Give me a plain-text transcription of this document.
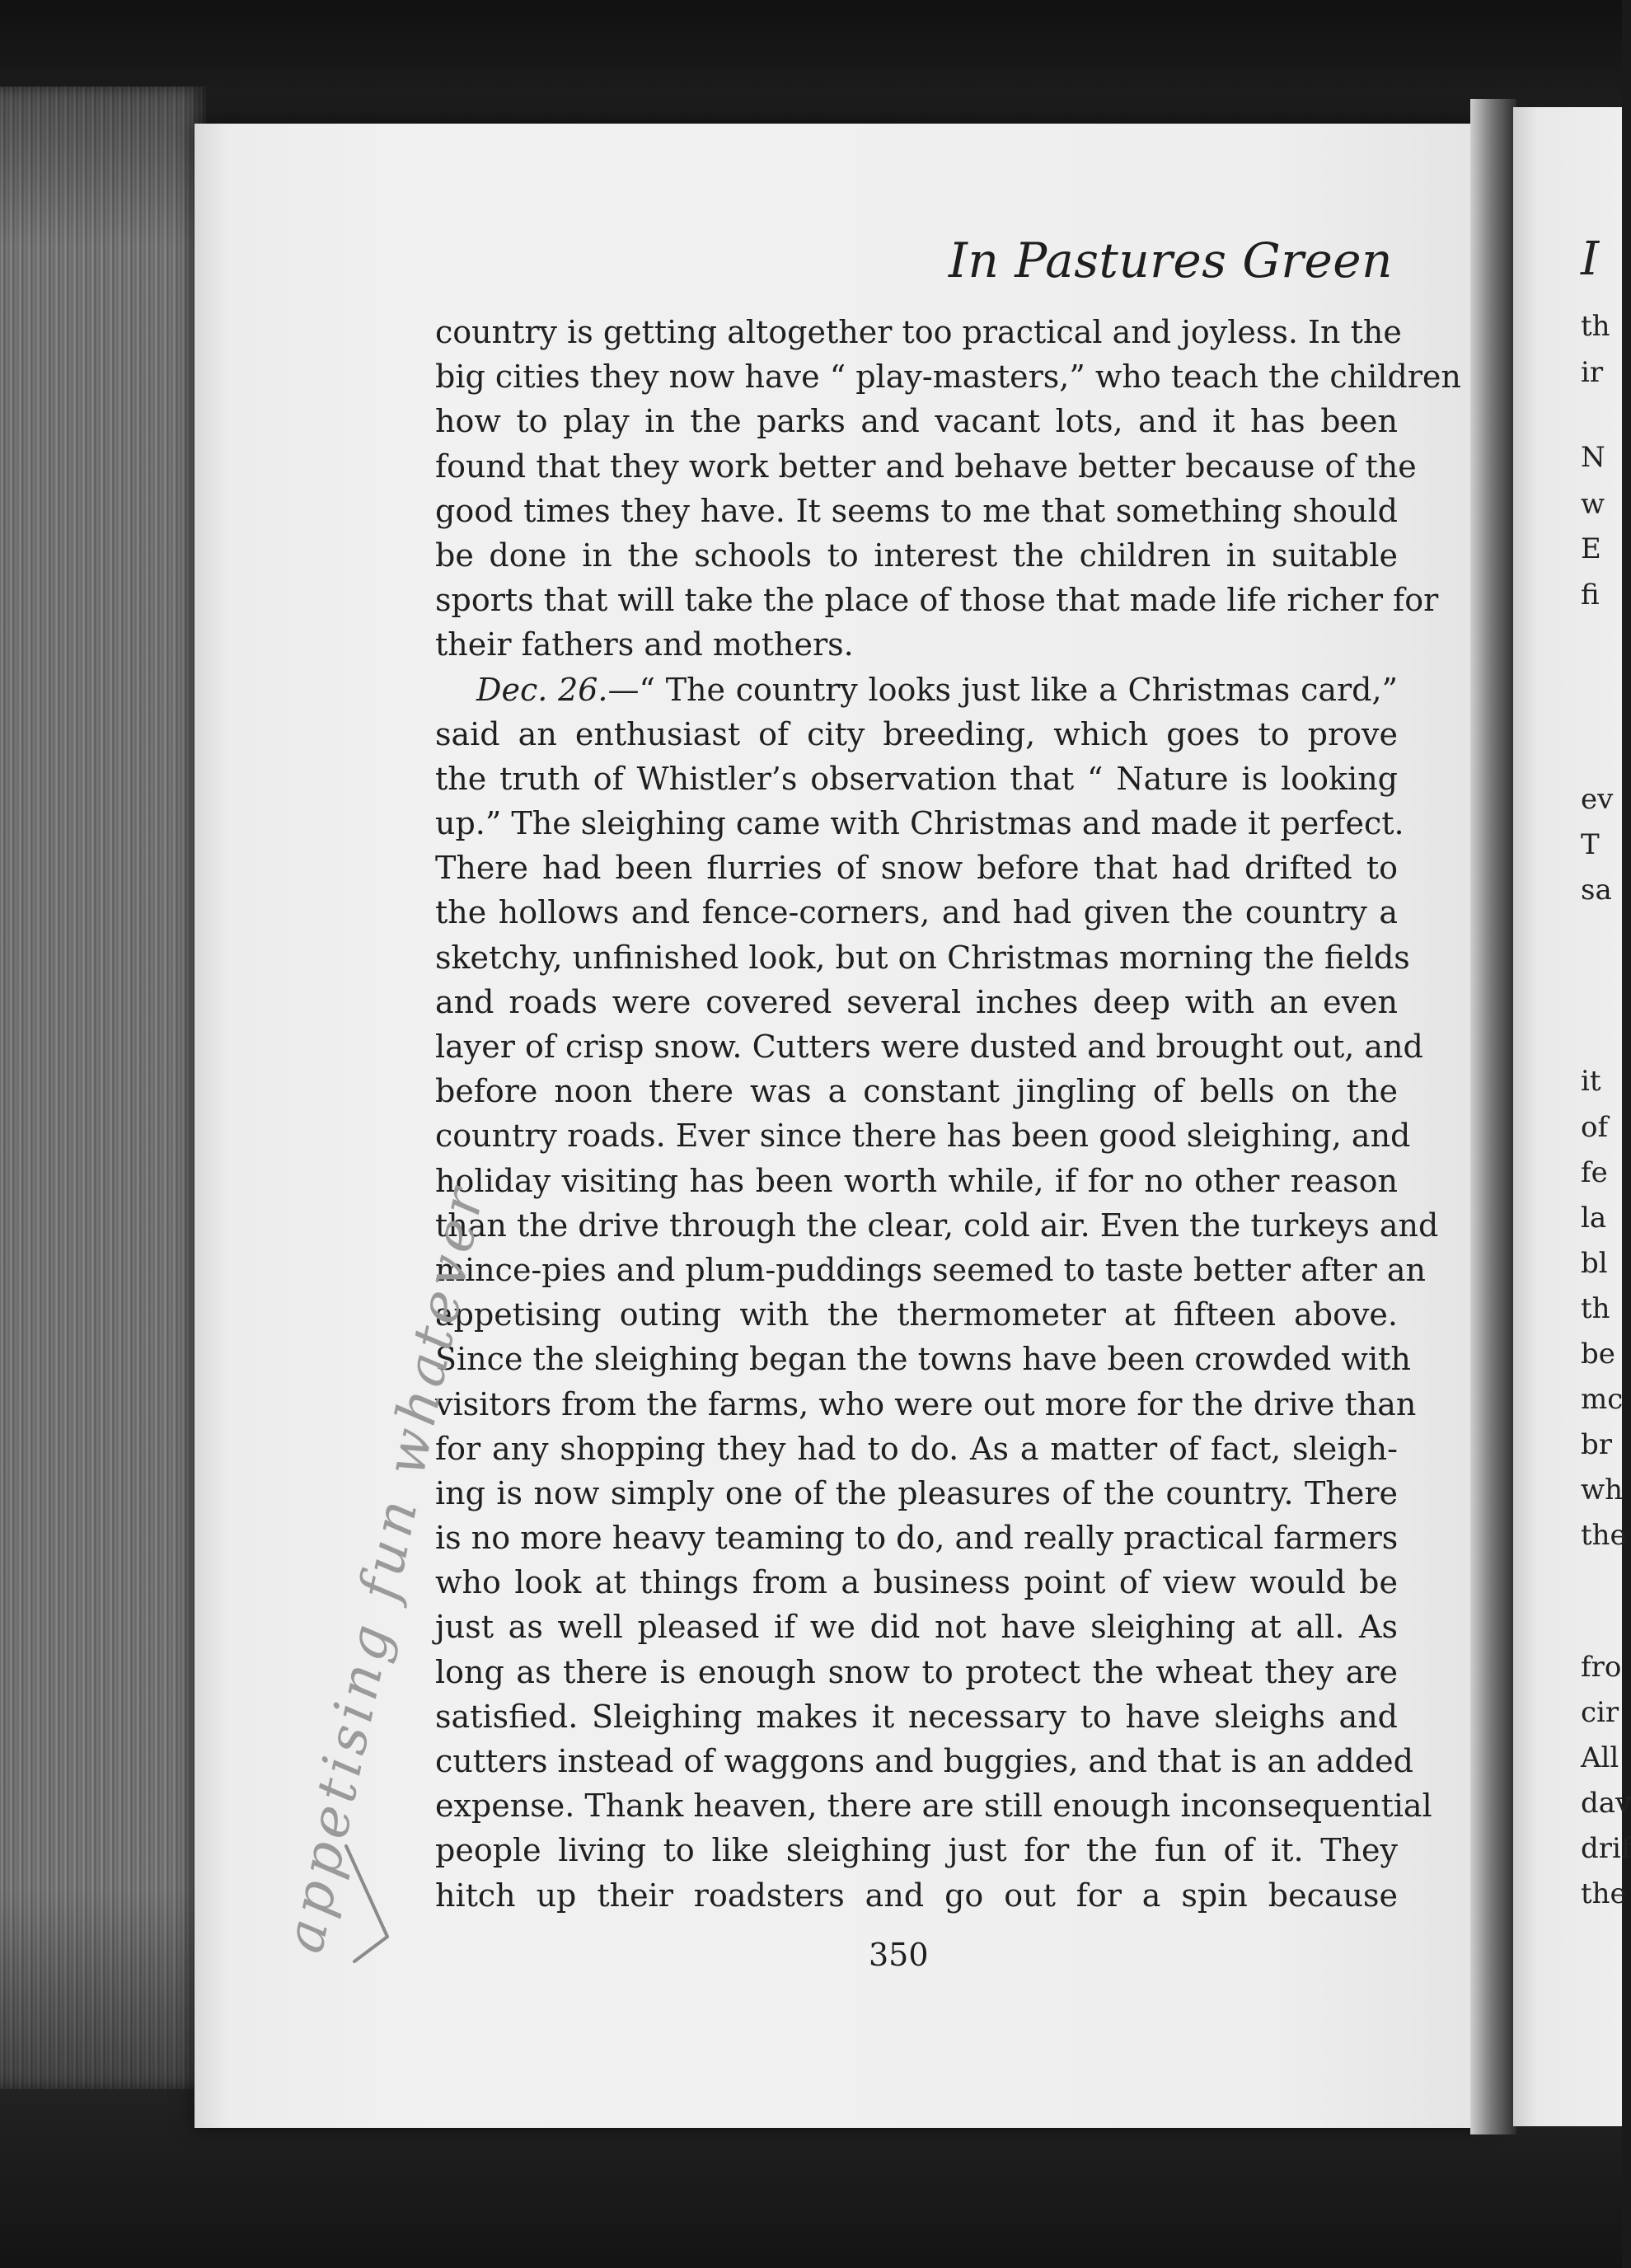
I
th
ir
N
w
E
fi
ev
T
sa
it
of
fe
la
bl
th
be
mc
br
wh
the
fro
cir
All
dav
drif
the
In Pastures Green
country is getting altogether too practical and joyless. In the
big cities they now have “ play-masters,” who teach the children
how to play in the parks and vacant lots, and it has been
found that they work better and behave better because of the
good times they have. It seems to me that something should
be done in the schools to interest the children in suitable
sports that will take the place of those that made life richer for
their fathers and mothers.
Dec. 26.—“ The country looks just like a Christmas card,”
said an enthusiast of city breeding, which goes to prove
the truth of Whistler’s observation that “ Nature is looking
up.” The sleighing came with Christmas and made it perfect.
There had been flurries of snow before that had drifted to
the hollows and fence-corners, and had given the country a
sketchy, unfinished look, but on Christmas morning the fields
and roads were covered several inches deep with an even
layer of crisp snow. Cutters were dusted and brought out, and
before noon there was a constant jingling of bells on the
country roads. Ever since there has been good sleighing, and
holiday visiting has been worth while, if for no other reason
than the drive through the clear, cold air. Even the turkeys and
mince-pies and plum-puddings seemed to taste better after an
appetising outing with the thermometer at fifteen above.
Since the sleighing began the towns have been crowded with
visitors from the farms, who were out more for the drive than
for any shopping they had to do. As a matter of fact, sleigh-
ing is now simply one of the pleasures of the country. There
is no more heavy teaming to do, and really practical farmers
who look at things from a business point of view would be
just as well pleased if we did not have sleighing at all. As
long as there is enough snow to protect the wheat they are
satisfied. Sleighing makes it necessary to have sleighs and
cutters instead of waggons and buggies, and that is an added
expense. Thank heaven, there are still enough inconsequential
people living to like sleighing just for the fun of it. They
hitch up their roadsters and go out for a spin because
350
appetising fun whatever
